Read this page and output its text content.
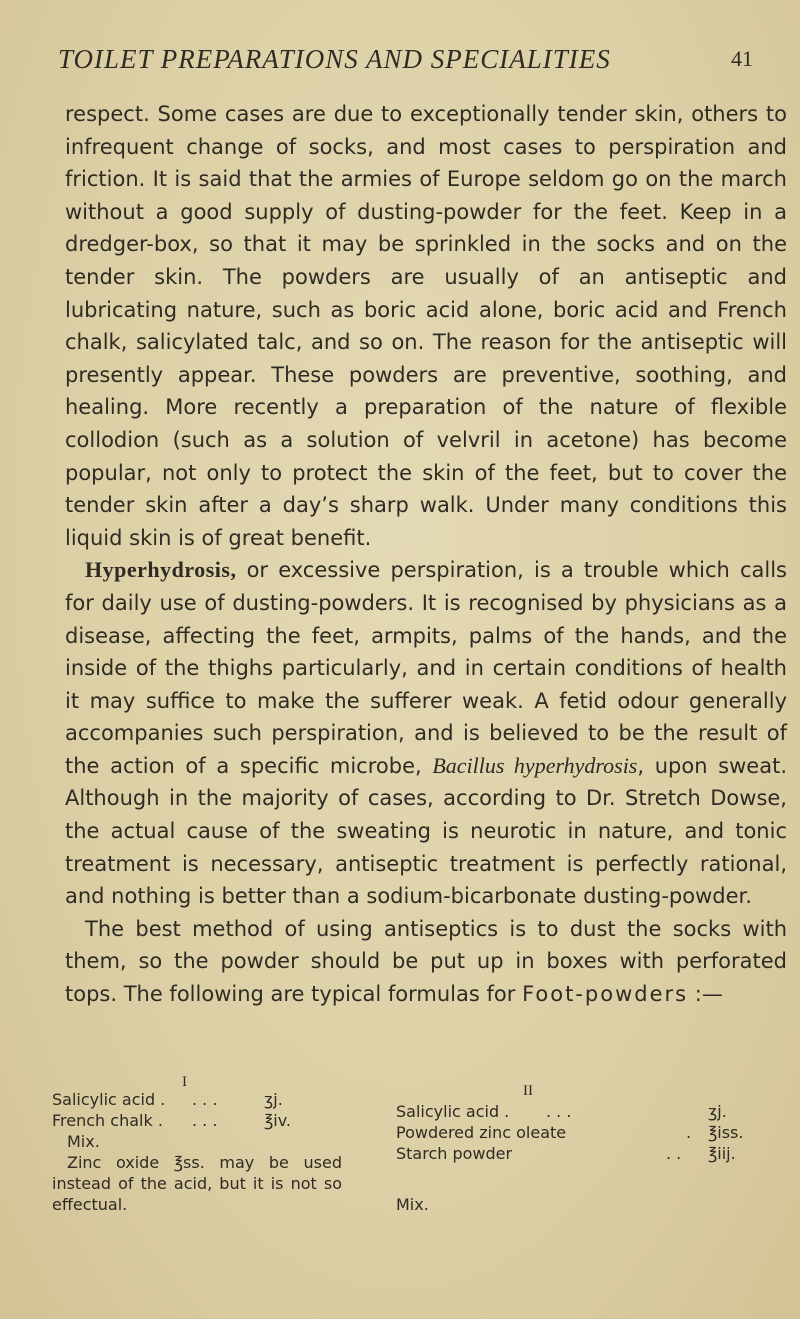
TOILET PREPARATIONS AND SPECIALITIES	41

respect. Some cases are due to exceptionally tender skin, others to infrequent change of socks, and most cases to perspiration and friction. It is said that the armies of Europe seldom go on the march without a good supply of dusting-powder for the feet. Keep in a dredger-box, so that it may be sprinkled in the socks and on the tender skin. The powders are usually of an antiseptic and lubricating nature, such as boric acid alone, boric acid and French chalk, salicylated talc, and so on. The reason for the antiseptic will presently appear. These powders are preventive, soothing, and healing. More recently a preparation of the nature of flexible collodion (such as a solution of velvril in acetone) has become popular, not only to protect the skin of the feet, but to cover the tender skin after a day’s sharp walk. Under many conditions this liquid skin is of great benefit.

Hyperhydrosis, or excessive perspiration, is a trouble which calls for daily use of dusting-powders. It is recognised by physicians as a disease, affecting the feet, armpits, palms of the hands, and the inside of the thighs particularly, and in certain conditions of health it may suffice to make the sufferer weak. A fetid odour generally accompanies such perspiration, and is believed to be the result of the action of a specific microbe, Bacillus hyperhydrosis, upon sweat. Although in the majority of cases, according to Dr. Stretch Dowse, the actual cause of the sweating is neurotic in nature, and tonic treatment is necessary, antiseptic treatment is perfectly rational, and nothing is better than a sodium-bicarbonate dusting-powder.

The best method of using antiseptics is to dust the socks with them, so the powder should be put up in boxes with perforated tops. The following are typical formulas for Foot-powders :—

I
Salicylic acid . . . .	ʒj.
French chalk . . . .	℥iv.
Mix.
Zinc oxide ℥ss. may be used instead of the acid, but it is not so effectual.
II
Salicylic acid . . . .	ʒj.
Powdered zinc oleate	. ℥iss.
Starch powder	. . ℥iij.
Mix.
